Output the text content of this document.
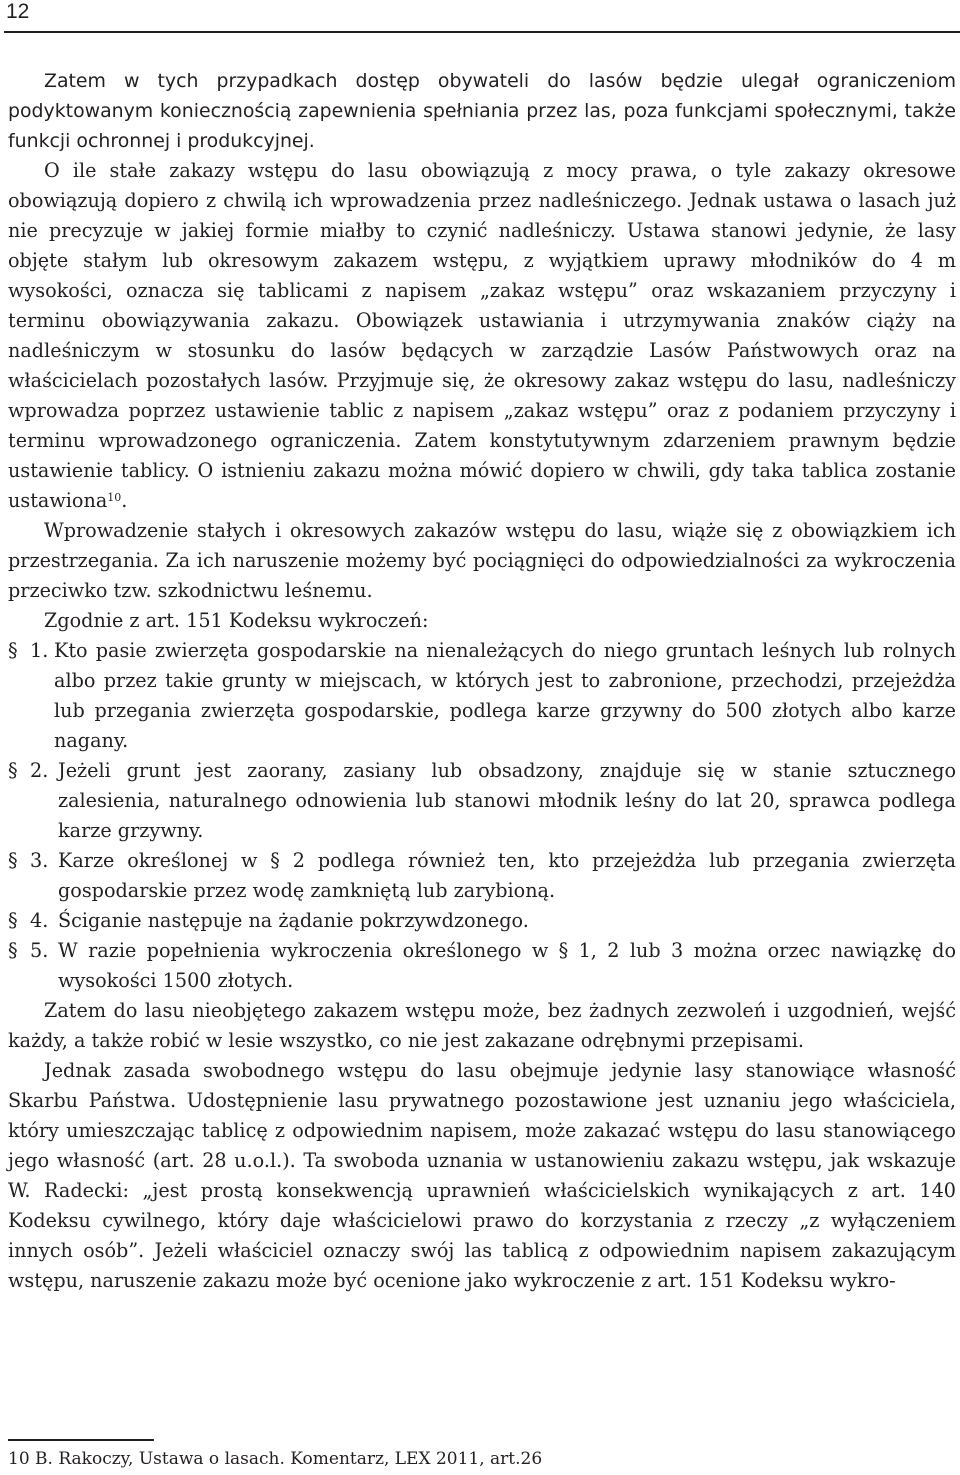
12

Zatem w tych przypadkach dostęp obywateli do lasów będzie ulegał ograniczeniom podyktowanym koniecznością zapewnienia spełniania przez las, poza funkcjami społecznymi, także funkcji ochronnej i produkcyjnej.

O ile stałe zakazy wstępu do lasu obowiązują z mocy prawa, o tyle zakazy okresowe obowiązują dopiero z chwilą ich wprowadzenia przez nadleśniczego. Jednak ustawa o lasach już nie precyzuje w jakiej formie miałby to czynić nadleśniczy. Ustawa stanowi jedynie, że lasy objęte stałym lub okresowym zakazem wstępu, z wyjątkiem uprawy młodników do 4 m wysokości, oznacza się tablicami z napisem „zakaz wstępu” oraz wskazaniem przyczyny i terminu obowiązywania zakazu. Obowiązek ustawiania i utrzymywania znaków ciąży na nadleśniczym w stosunku do lasów będących w zarządzie Lasów Państwowych oraz na właścicielach pozostałych lasów. Przyjmuje się, że okresowy zakaz wstępu do lasu, nadleśniczy wprowadza poprzez ustawienie tablic z napisem „zakaz wstępu” oraz z podaniem przyczyny i terminu wprowadzonego ograniczenia. Zatem konstytutywnym zdarzeniem prawnym będzie ustawienie tablicy. O istnieniu zakazu można mówić dopiero w chwili, gdy taka tablica zostanie ustawiona$^{10}$.

Wprowadzenie stałych i okresowych zakazów wstępu do lasu, wiąże się z obowiązkiem ich przestrzegania. Za ich naruszenie możemy być pociągnięci do odpowiedzialności za wykroczenia przeciwko tzw. szkodnictwu leśnemu.

Zgodnie z art. 151 Kodeksu wykroczeń:

§ 1. Kto pasie zwierzęta gospodarskie na nienależących do niego gruntach leśnych lub rolnych albo przez takie grunty w miejscach, w których jest to zabronione, przechodzi, przejeżdża lub przegania zwierzęta gospodarskie, podlega karze grzywny do 500 złotych albo karze nagany.
§ 2. Jeżeli grunt jest zaorany, zasiany lub obsadzony, znajduje się w stanie sztucznego zalesienia, naturalnego odnowienia lub stanowi młodnik leśny do lat 20, sprawca podlega karze grzywny.
§ 3. Karze określonej w § 2 podlega również ten, kto przejeżdża lub przegania zwierzęta gospodarskie przez wodę zamkniętą lub zarybioną.
§ 4. Ściganie następuje na żądanie pokrzywdzonego.
§ 5. W razie popełnienia wykroczenia określonego w § 1, 2 lub 3 można orzec nawiązkę do wysokości 1500 złotych.

Zatem do lasu nieobjętego zakazem wstępu może, bez żadnych zezwoleń i uzgodnień, wejść każdy, a także robić w lesie wszystko, co nie jest zakazane odrębnymi przepisami.

Jednak zasada swobodnego wstępu do lasu obejmuje jedynie lasy stanowiące własność Skarbu Państwa. Udostępnienie lasu prywatnego pozostawione jest uznaniu jego właściciela, który umieszczając tablicę z odpowiednim napisem, może zakazać wstępu do lasu stanowiącego jego własność (art. 28 u.o.l.). Ta swoboda uznania w ustanowieniu zakazu wstępu, jak wskazuje W. Radecki: „jest prostą konsekwencją uprawnień właścicielskich wynikających z art. 140 Kodeksu cywilnego, który daje właścicielowi prawo do korzystania z rzeczy „z wyłączeniem innych osób”. Jeżeli właściciel oznaczy swój las tablicą z odpowiednim napisem zakazującym wstępu, naruszenie zakazu może być ocenione jako wykroczenie z art. 151 Kodeksu wykro-

10 B. Rakoczy, Ustawa o lasach. Komentarz, LEX 2011, art.26
